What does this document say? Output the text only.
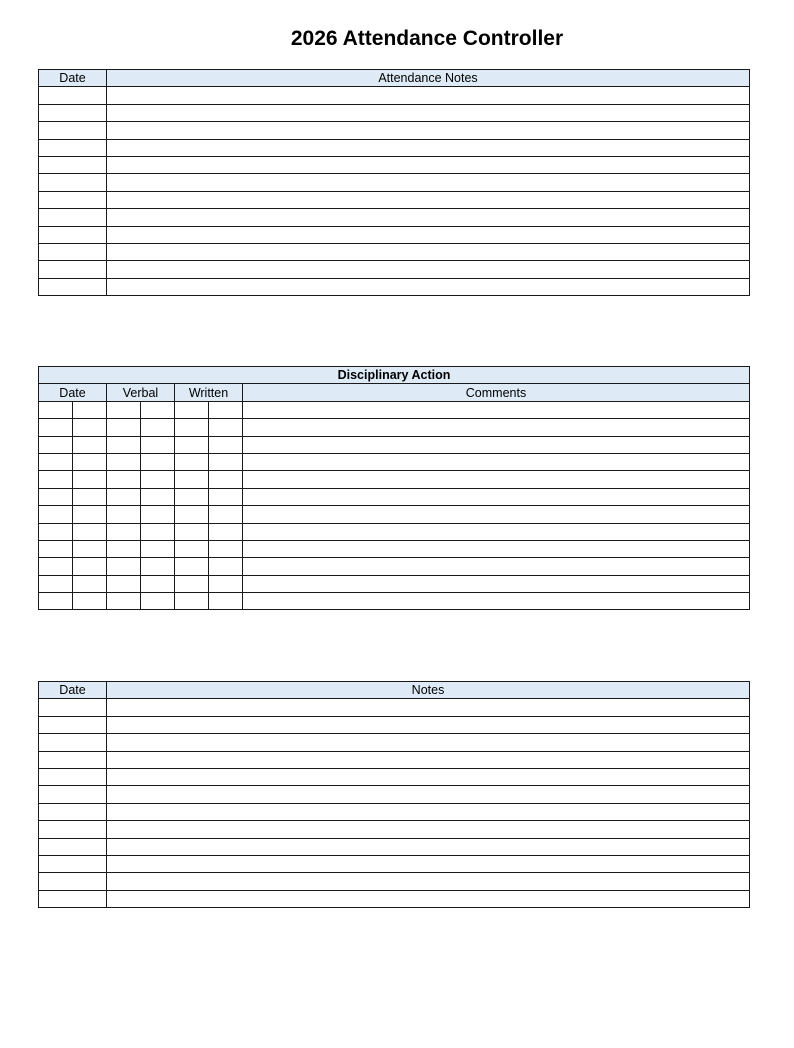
2026 Attendance Controller
Date	Attendance Notes

Disciplinary Action						
Date		Verbal		Written		Comments

Date	Notes
